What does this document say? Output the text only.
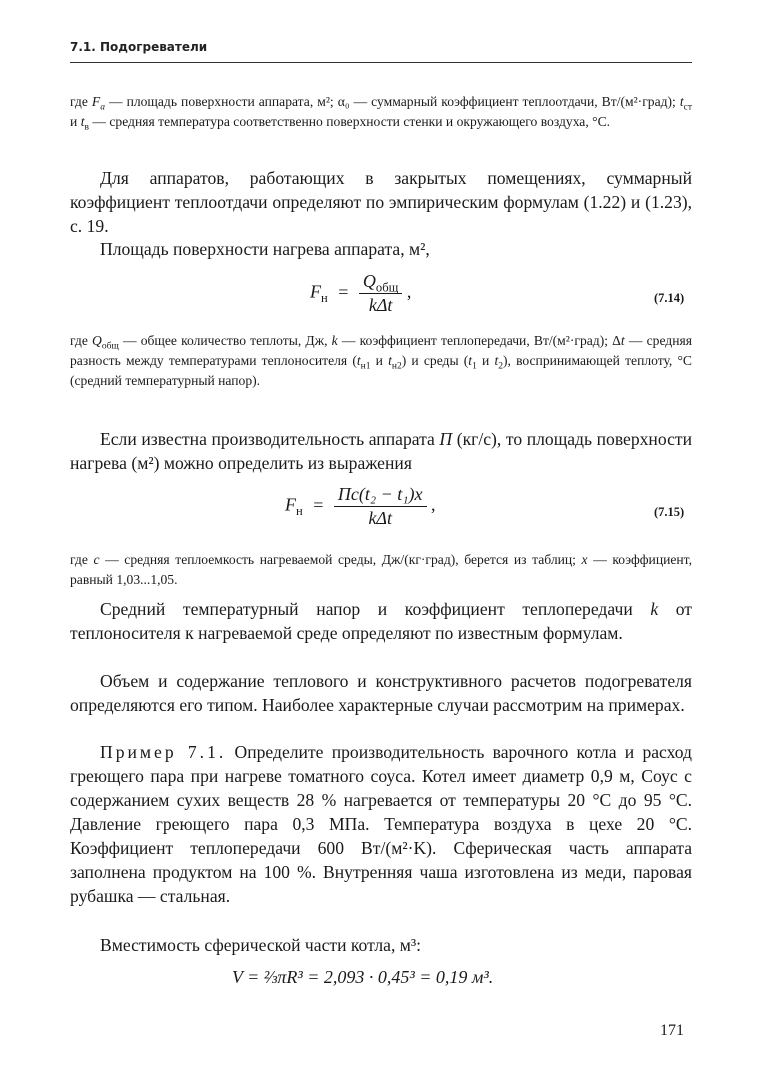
7.1. Подогреватели
где $F_a$ — площадь поверхности аппарата, м²; α₀ — суммарный коэффициент теплоотдачи, Вт/(м²·град); $t_{ст}$ и $t_в$ — средняя температура соответственно поверхности стенки и окружающего воздуха, °С.
Для аппаратов, работающих в закрытых помещениях, суммарный коэффициент теплоотдачи определяют по эмпирическим формулам (1.22) и (1.23), с. 19.
Площадь поверхности нагрева аппарата, м²,
$F_н = \frac{Q_{общ}}{\text{kΔt}}$ ,	(7.14)
где $Q_{общ}$ — общее количество теплоты, Дж, k — коэффициент теплопередачи, Вт/(м²·град); Δt — средняя разность между температурами теплоносителя ($t_{н1}$ и $t_{н2}$) и среды ($t_1$ и $t_2$), воспринимающей теплоту, °С (средний температурный напор).
Если известна производительность аппарата П (кг/с), то площадь поверхности нагрева (м²) можно определить из выражения
$F_н = \frac{\text{Пc(t₂ − t₁)x}}{\text{kΔt}}$ ,	(7.15)
где c — средняя теплоемкость нагреваемой среды, Дж/(кг·град), берется из таблиц; x — коэффициент, равный 1,03...1,05.
Средний температурный напор и коэффициент теплопередачи k от теплоносителя к нагреваемой среде определяют по известным формулам.
Объем и содержание теплового и конструктивного расчетов подогревателя определяются его типом. Наиболее характерные случаи рассмотрим на примерах.
Пример 7.1. Определите производительность варочного котла и расход греющего пара при нагреве томатного соуса. Котел имеет диаметр 0,9 м, Соус с содержанием сухих веществ 28 % нагревается от температуры 20 °С до 95 °С. Давление греющего пара 0,3 МПа. Температура воздуха в цехе 20 °С. Коэффициент теплопередачи 600 Вт/(м²·K). Сферическая часть аппарата заполнена продуктом на 100 %. Внутренняя чаша изготовлена из меди, паровая рубашка — стальная.
Вместимость сферической части котла, м³:
V = ⅔πR³ = 2,093 · 0,45³ = 0,19 м³.
171
